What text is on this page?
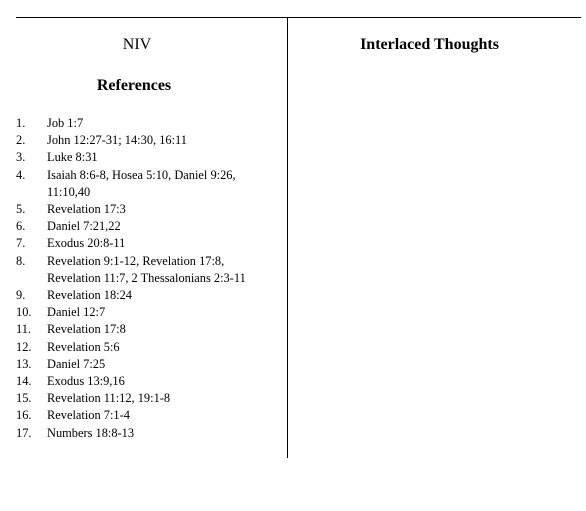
NIV

References

1. Job 1:7
2. John 12:27-31; 14:30, 16:11
3. Luke 8:31
4. Isaiah 8:6-8, Hosea 5:10, Daniel 9:26,
11:10,40
5. Revelation 17:3
6. Daniel 7:21,22
7. Exodus 20:8-11
8. Revelation 9:1-12, Revelation 17:8,
Revelation 11:7, 2 Thessalonians 2:3-11
9. Revelation 18:24
10. Daniel 12:7
11. Revelation 17:8
12. Revelation 5:6
13. Daniel 7:25
14. Exodus 13:9,16
15. Revelation 11:12, 19:1-8
16. Revelation 7:1-4
17. Numbers 18:8-13

Interlaced Thoughts
